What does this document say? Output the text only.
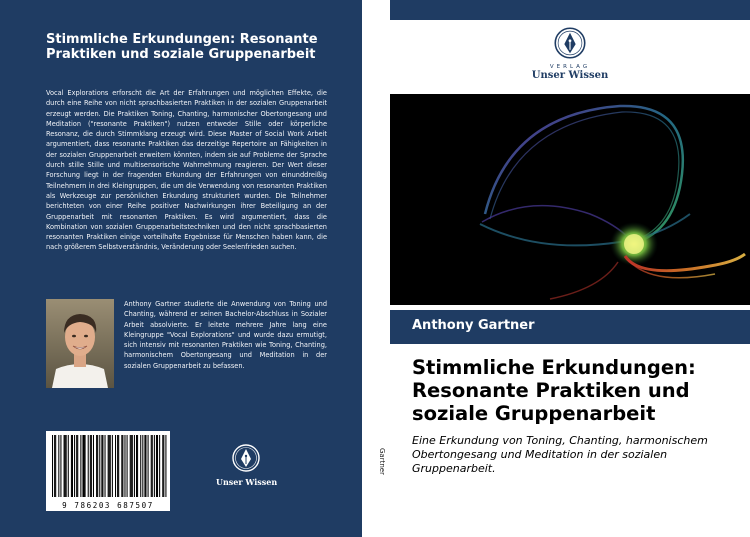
Stimmliche Erkundungen: Resonante Praktiken und soziale Gruppenarbeit

Vocal Explorations erforscht die Art der Erfahrungen und möglichen Effekte, die durch eine Reihe von nicht sprachbasierten Praktiken in der sozialen Gruppenarbeit erzeugt werden. Die Praktiken Toning, Chanting, harmonischer Obertongesang und Meditation ("resonante Praktiken") nutzen entweder Stille oder körperliche Resonanz, die durch Stimmklang erzeugt wird. Diese Master of Social Work Arbeit argumentiert, dass resonante Praktiken das derzeitige Repertoire an Fähigkeiten in der sozialen Gruppenarbeit erweitern könnten, indem sie auf Probleme der Sprache durch stille Stille und multisensorische Wahrnehmung reagieren. Der Wert dieser Forschung liegt in der fragenden Erkundung der Erfahrungen von einunddreißig Teilnehmern in drei Kleingruppen, die um die Verwendung von resonanten Praktiken als Werkzeuge zur persönlichen Erkundung strukturiert wurden. Die Teilnehmer berichteten von einer Reihe positiver Nachwirkungen ihrer Beteiligung an der Gruppenarbeit mit resonanten Praktiken. Es wird argumentiert, dass die Kombination von sozialen Gruppenarbeitstechniken und den nicht sprachbasierten resonanten Praktiken einige vorteilhafte Ergebnisse für Menschen haben kann, die nach größerem Selbstverständnis, Veränderung oder Seelenfrieden suchen.

Anthony Gartner studierte die Anwendung von Toning und Chanting, während er seinen Bachelor-Abschluss in Sozialer Arbeit absolvierte. Er leitete mehrere Jahre lang eine Kleingruppe "Vocal Explorations" und wurde dazu ermutigt, sich intensiv mit resonanten Praktiken wie Toning, Chanting, harmonischem Obertongesang und Meditation in der sozialen Gruppenarbeit zu befassen.

9 786203 687507
Unser Wissen
Gartner
VERLAG
Unser Wissen
Anthony Gartner
Stimmliche Erkundungen: Resonante Praktiken und soziale Gruppenarbeit

Eine Erkundung von Toning, Chanting, harmonischem Obertongesang und Meditation in der sozialen Gruppenarbeit.
